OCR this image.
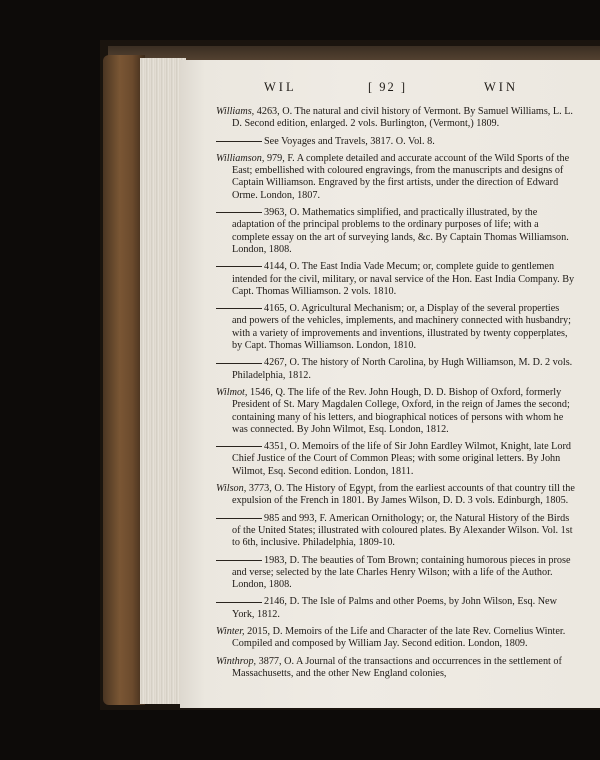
WIL	[ 92 ]	WIN
Williams, 4263, O. The natural and civil history of Vermont. By Samuel Williams, L. L. D. Second edition, enlarged. 2 vols. Burlington, (Vermont,) 1809.
See Voyages and Travels, 3817. O. Vol. 8.
Williamson, 979, F. A complete detailed and accurate account of the Wild Sports of the East; embellished with coloured engravings, from the manuscripts and designs of Captain Williamson. Engraved by the first artists, under the direction of Edward Orme. London, 1807.
3963, O. Mathematics simplified, and practically illustrated, by the adaptation of the principal problems to the ordinary purposes of life; with a complete essay on the art of surveying lands, &c. By Captain Thomas Williamson. London, 1808.
4144, O. The East India Vade Mecum; or, complete guide to gentlemen intended for the civil, military, or naval service of the Hon. East India Company. By Capt. Thomas Williamson. 2 vols. 1810.
4165, O. Agricultural Mechanism; or, a Display of the several properties and powers of the vehicles, implements, and machinery connected with husbandry; with a variety of improvements and inventions, illustrated by twenty copperplates, by Capt. Thomas Williamson. London, 1810.
4267, O. The history of North Carolina, by Hugh Williamson, M. D. 2 vols. Philadelphia, 1812.
Wilmot, 1546, Q. The life of the Rev. John Hough, D. D. Bishop of Oxford, formerly President of St. Mary Magdalen College, Oxford, in the reign of James the second; containing many of his letters, and biographical notices of persons with whom he was connected. By John Wilmot, Esq. London, 1812.
4351, O. Memoirs of the life of Sir John Eardley Wilmot, Knight, late Lord Chief Justice of the Court of Common Pleas; with some original letters. By John Wilmot, Esq. Second edition. London, 1811.
Wilson, 3773, O. The History of Egypt, from the earliest accounts of that country till the expulsion of the French in 1801. By James Wilson, D. D. 3 vols. Edinburgh, 1805.
985 and 993, F. American Ornithology; or, the Natural History of the Birds of the United States; illustrated with coloured plates. By Alexander Wilson. Vol. 1st to 6th, inclusive. Philadelphia, 1809-10.
1983, D. The beauties of Tom Brown; containing humorous pieces in prose and verse; selected by the late Charles Henry Wilson; with a life of the Author. London, 1808.
2146, D. The Isle of Palms and other Poems, by John Wilson, Esq. New York, 1812.
Winter, 2015, D. Memoirs of the Life and Character of the late Rev. Cornelius Winter. Compiled and composed by William Jay. Second edition. London, 1809.
Winthrop, 3877, O. A Journal of the transactions and occurrences in the settlement of Massachusetts, and the other New England colonies,
